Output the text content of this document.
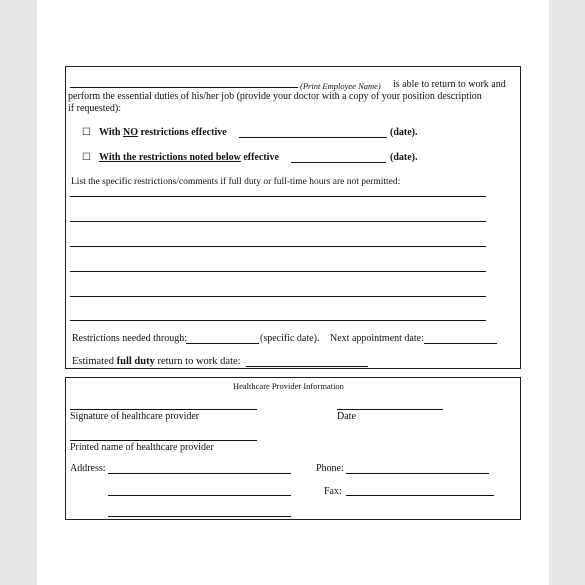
(Print Employee Name) is able to return to work and
perform the essential duties of his/her job (provide your doctor with a copy of your position description
if requested):
☐ With NO restrictions effective	(date).
☐ With the restrictions noted below effective	(date).
List the specific restrictions/comments if full duty or full-time hours are not permitted:
Restrictions needed through:	(specific date). Next appointment date:
Estimated full duty return to work date:
Healthcare Provider Information
Signature of healthcare provider	Date
Printed name of healthcare provider
Address:	Phone:
Fax:
